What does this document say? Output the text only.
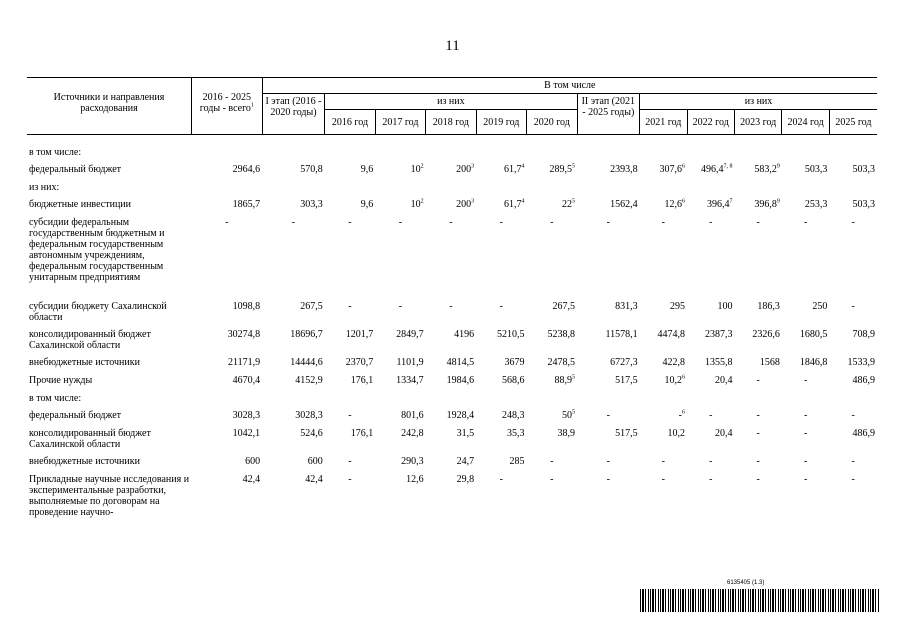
11
Источники и направления расходования	2016 - 2025 годы - всего$^1$	В том числе											
		I этап (2016 - 2020 годы)	из них					II этап (2021 - 2025 годы)	из них				
			2016 год	2017 год	2018 год	2019 год	2020 год		2021 год	2022 год	2023 год	2024 год	2025 год
в том числе:													
федеральный бюджет	2964,6	570,8	9,6	$10^2$	$200^3$	61,7$^4$	289,5$^5$	2393,8	307,6$^6$	496,4$^{7, 8}$	583,2$^9$	503,3	503,3
из них:													
бюджетные инвестиции	1865,7	303,3	9,6	$10^2$	$200^3$	61,7$^4$	$22^5$	1562,4	12,6$^6$	396,4$^7$	396,8$^9$	253,3	503,3
субсидии федеральным государственным бюджетным и федеральным государственным автономным учреждениям, федеральным государственным унитарным предприятиям	-	-	-	-	-	-	-	-	-	-	-	-	-
субсидии бюджету Сахалинской области	1098,8	267,5	-	-	-	-	267,5	831,3	295	100	186,3	250	-
консолидированный бюджет Сахалинской области	30274,8	18696,7	1201,7	2849,7	4196	5210,5	5238,8	11578,1	4474,8	2387,3	2326,6	1680,5	708,9
внебюджетные источники	21171,9	14444,6	2370,7	1101,9	4814,5	3679	2478,5	6727,3	422,8	1355,8	1568	1846,8	1533,9
Прочие нужды	4670,4	4152,9	176,1	1334,7	1984,6	568,6	88,9$^5$	517,5	10,2$^6$	20,4	-	-	486,9
в том числе:													
федеральный бюджет	3028,3	3028,3	-	801,6	1928,4	248,3	$50^5$	-	-$^6$	-	-	-	-
консолидированный бюджет Сахалинской области	1042,1	524,6	176,1	242,8	31,5	35,3	38,9	517,5	10,2	20,4	-	-	486,9
внебюджетные источники	600	600	-	290,3	24,7	285	-	-	-	-	-	-	-
Прикладные научные исследования и экспериментальные разработки, выполняемые по договорам на проведение научно-	42,4	42,4	-	12,6	29,8	-	-	-	-	-	-	-	-
6135405 (1.3)
